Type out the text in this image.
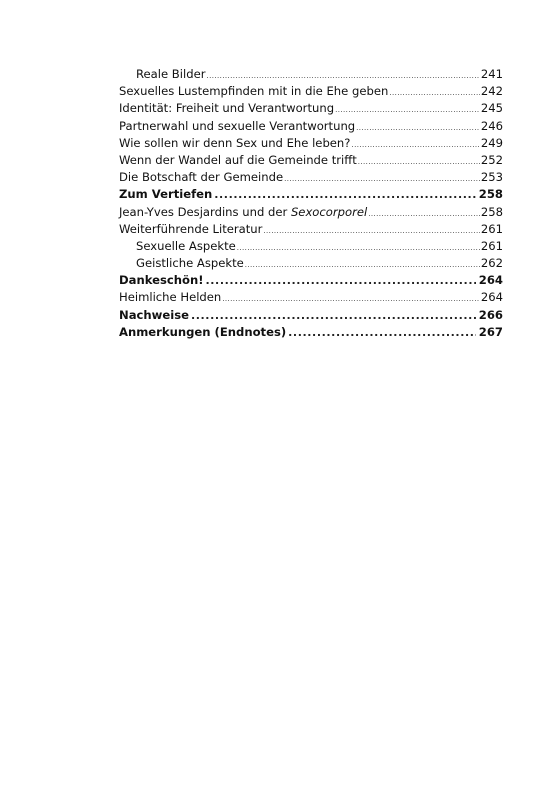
Reale Bilder .....	241
Sexuelles Lustempfinden mit in die Ehe geben .....	242
Identität: Freiheit und Verantwortung .....	245
Partnerwahl und sexuelle Verantwortung .....	246
Wie sollen wir denn Sex und Ehe leben? .....	249
Wenn der Wandel auf die Gemeinde trifft .....	252
Die Botschaft der Gemeinde .....	253
Zum Vertiefen .....	258
Jean-Yves Desjardins und der Sexocorporel .....	258
Weiterführende Literatur .....	261
Sexuelle Aspekte .....	261
Geistliche Aspekte .....	262
Dankeschön! .....	264
Heimliche Helden .....	264
Nachweise .....	266
Anmerkungen (Endnotes) .....	267
